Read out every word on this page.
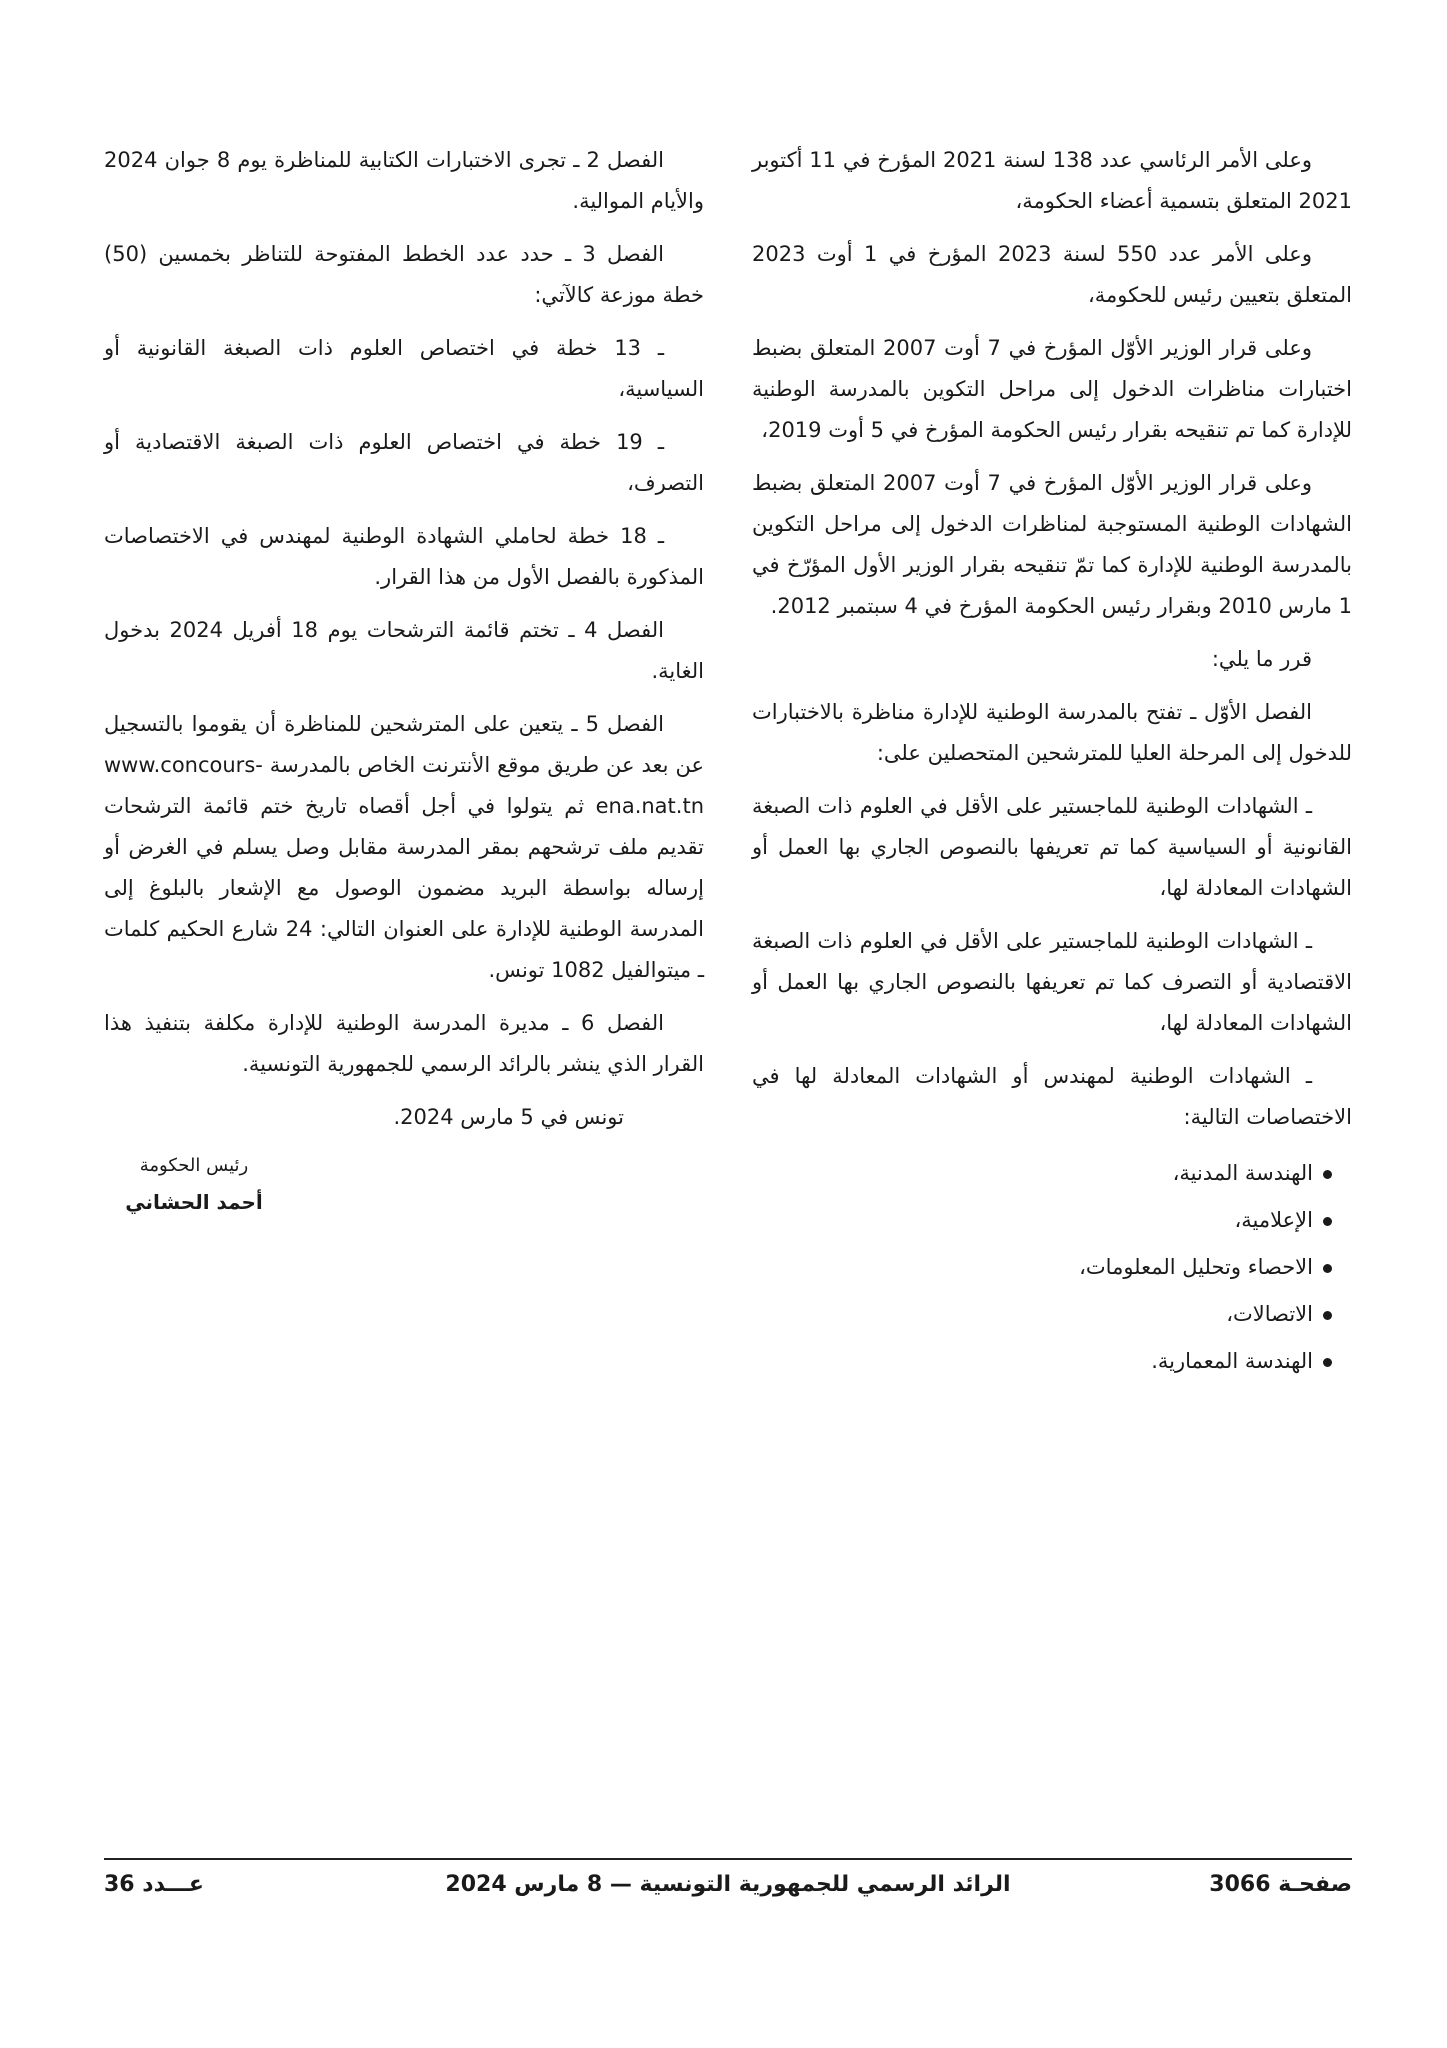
وعلى الأمر الرئاسي عدد 138 لسنة 2021 المؤرخ في 11 أكتوبر 2021 المتعلق بتسمية أعضاء الحكومة،

وعلى الأمر عدد 550 لسنة 2023 المؤرخ في 1 أوت 2023 المتعلق بتعيين رئيس للحكومة،

وعلى قرار الوزير الأوّل المؤرخ في 7 أوت 2007 المتعلق بضبط اختبارات مناظرات الدخول إلى مراحل التكوين بالمدرسة الوطنية للإدارة كما تم تنقيحه بقرار رئيس الحكومة المؤرخ في 5 أوت 2019،

وعلى قرار الوزير الأوّل المؤرخ في 7 أوت 2007 المتعلق بضبط الشهادات الوطنية المستوجبة لمناظرات الدخول إلى مراحل التكوين بالمدرسة الوطنية للإدارة كما تمّ تنقيحه بقرار الوزير الأول المؤرّخ في 1 مارس 2010 وبقرار رئيس الحكومة المؤرخ في 4 سبتمبر 2012.

قرر ما يلي:

الفصل الأوّل ـ تفتح بالمدرسة الوطنية للإدارة مناظرة بالاختبارات للدخول إلى المرحلة العليا للمترشحين المتحصلين على:

ـ الشهادات الوطنية للماجستير على الأقل في العلوم ذات الصبغة القانونية أو السياسية كما تم تعريفها بالنصوص الجاري بها العمل أو الشهادات المعادلة لها،

ـ الشهادات الوطنية للماجستير على الأقل في العلوم ذات الصبغة الاقتصادية أو التصرف كما تم تعريفها بالنصوص الجاري بها العمل أو الشهادات المعادلة لها،

ـ الشهادات الوطنية لمهندس أو الشهادات المعادلة لها في الاختصاصات التالية:

الهندسة المدنية،
الإعلامية،
الاحصاء وتحليل المعلومات،
الاتصالات،
الهندسة المعمارية.

الفصل 2 ـ تجرى الاختبارات الكتابية للمناظرة يوم 8 جوان 2024 والأيام الموالية.

الفصل 3 ـ حدد عدد الخطط المفتوحة للتناظر بخمسين (50) خطة موزعة كالآتي:

ـ 13 خطة في اختصاص العلوم ذات الصبغة القانونية أو السياسية،

ـ 19 خطة في اختصاص العلوم ذات الصبغة الاقتصادية أو التصرف،

ـ 18 خطة لحاملي الشهادة الوطنية لمهندس في الاختصاصات المذكورة بالفصل الأول من هذا القرار.

الفصل 4 ـ تختم قائمة الترشحات يوم 18 أفريل 2024 بدخول الغاية.

الفصل 5 ـ يتعين على المترشحين للمناظرة أن يقوموا بالتسجيل عن بعد عن طريق موقع الأنترنت الخاص بالمدرسة www.concours-ena.nat.tn ثم يتولوا في أجل أقصاه تاريخ ختم قائمة الترشحات تقديم ملف ترشحهم بمقر المدرسة مقابل وصل يسلم في الغرض أو إرساله بواسطة البريد مضمون الوصول مع الإشعار بالبلوغ إلى المدرسة الوطنية للإدارة على العنوان التالي: 24 شارع الحكيم كلمات ـ ميتوالفيل 1082 تونس.

الفصل 6 ـ مديرة المدرسة الوطنية للإدارة مكلفة بتنفيذ هذا القرار الذي ينشر بالرائد الرسمي للجمهورية التونسية.

تونس في 5 مارس 2024.

رئيس الحكومة
أحمد الحشاني
صفحـة 3066
الرائد الرسمي للجمهورية التونسية — 8 مارس 2024
عـــدد 36
